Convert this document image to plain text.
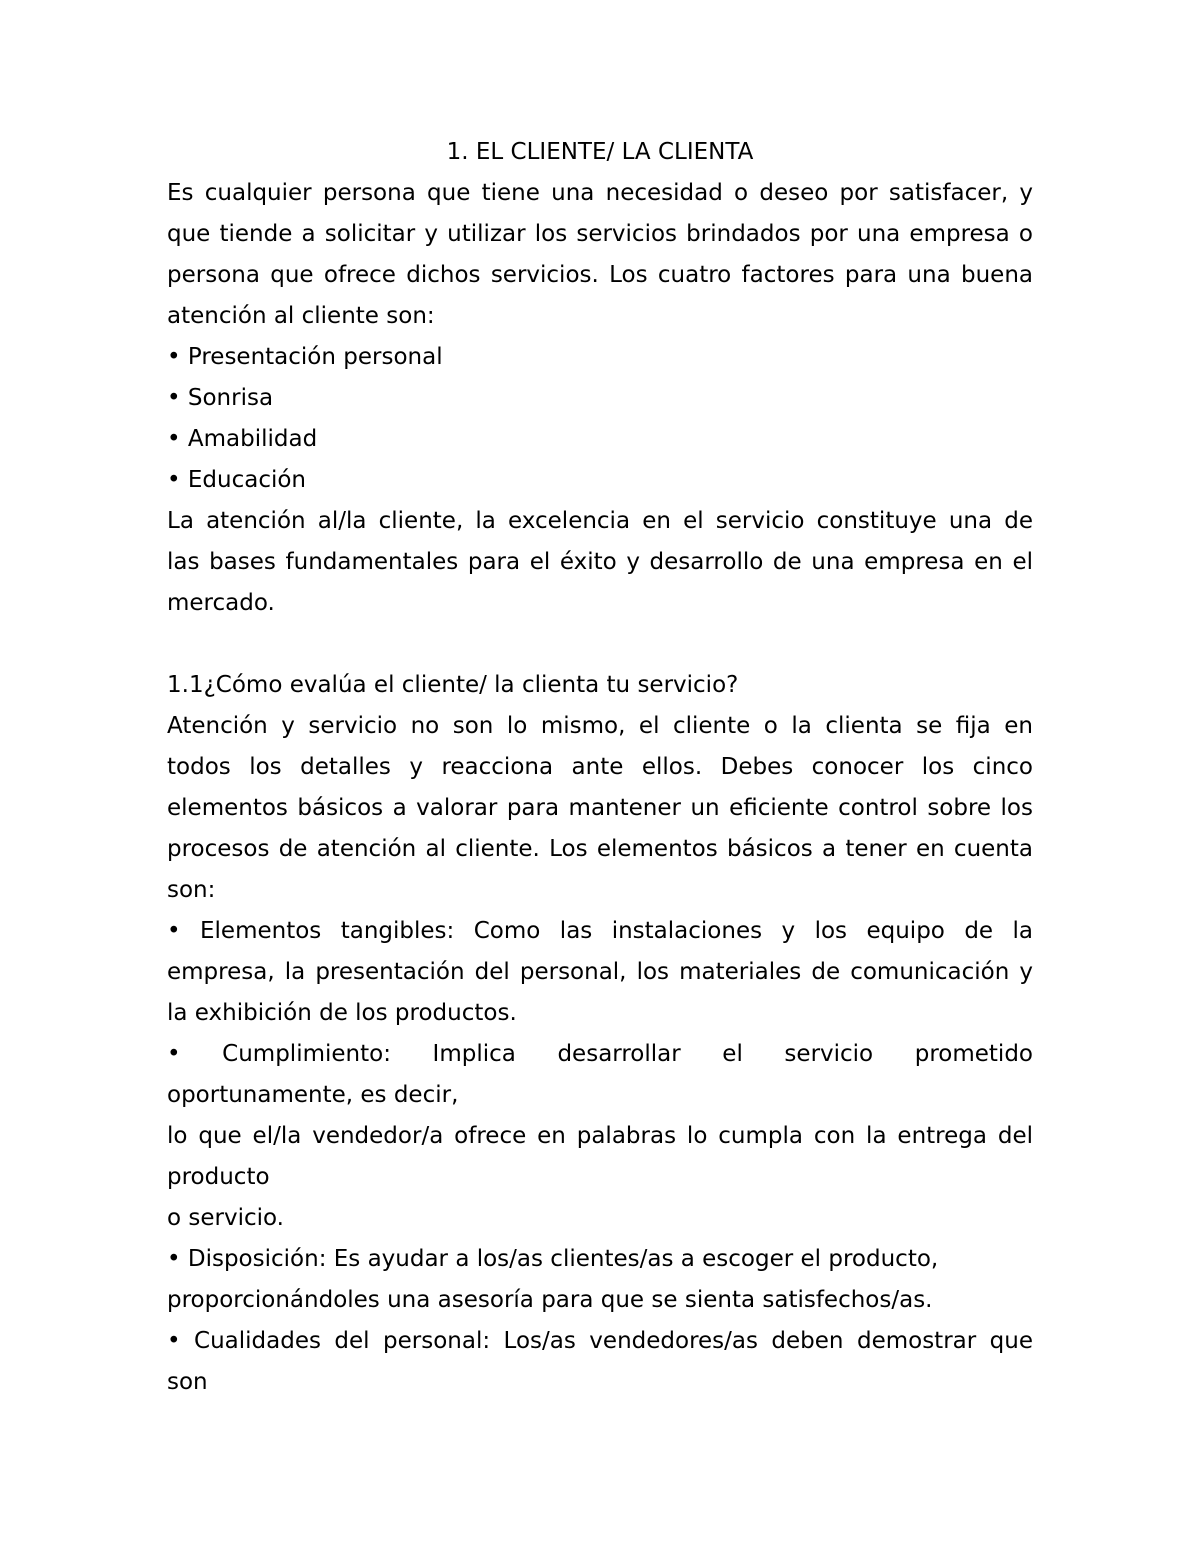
1. EL CLIENTE/ LA CLIENTA
Es cualquier persona que tiene una necesidad o deseo por satisfacer, y
que tiende a solicitar y utilizar los servicios brindados por una empresa o
persona que ofrece dichos servicios. Los cuatro factores para una buena
atención al cliente son:
• Presentación personal
• Sonrisa
• Amabilidad
• Educación
La atención al/la cliente, la excelencia en el servicio constituye una de
las bases fundamentales para el éxito y desarrollo de una empresa en el
mercado.
1.1¿Cómo evalúa el cliente/ la clienta tu servicio?
Atención y servicio no son lo mismo, el cliente o la clienta se fija en
todos los detalles y reacciona ante ellos. Debes conocer los cinco
elementos básicos a valorar para mantener un eficiente control sobre los
procesos de atención al cliente. Los elementos básicos a tener en cuenta
son:
• Elementos tangibles: Como las instalaciones y los equipo de la
empresa, la presentación del personal, los materiales de comunicación y
la exhibición de los productos.
• Cumplimiento: Implica desarrollar el servicio prometido
oportunamente, es decir,
lo que el/la vendedor/a ofrece en palabras lo cumpla con la entrega del
producto
o servicio.
• Disposición: Es ayudar a los/as clientes/as a escoger el producto,
proporcionándoles una asesoría para que se sienta satisfechos/as.
• Cualidades del personal: Los/as vendedores/as deben demostrar que
son
